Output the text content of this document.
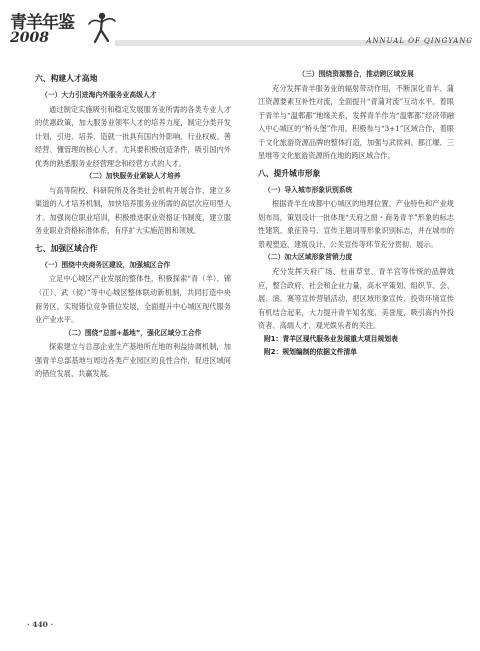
青羊年鉴
2008	ANNUAL OF QINGYANG
六、构建人才高地
（一）大力引进海内外服务业高级人才

通过制定实施吸引和稳定发展服务业所需的各类专业人才的优惠政策，加大服务业领军人才的培养力度，制定分类开发计划，引进、培养、造就一批具有国内外影响、行业权威、善经营、懂管理的核心人才。尤其要积极创造条件，吸引国内外优秀的熟悉服务业经营理念和经营方式的人才。

（二）加快服务业紧缺人才培养

与高等院校、科研院所及各类社会机构开展合作，建立多渠道的人才培养机制，加快培养服务业所需的高层次应用型人才。加强岗位职业培训，积极推进职业资格证书制度，建立服务业职业资格标准体系，有序扩大实施范围和领域。

七、加强区域合作
（一）围绕中央商务区建设，加强城区合作

立足中心城区产业发展的整体性，积极探索“青（羊）、锦（江）、武（侯）”等中心城区整体联动新机制，共同打造中央商务区，实现错位竞争错位发展，全面提升中心城区现代服务业产业水平。

（二）围绕“总部+基地”，强化区域分工合作

探索建立与总部企业生产基地所在地的利益协调机制，加强青羊总部基地与周边各类产业园区的良性合作，促进区域间的错位发展、共赢发展。

（三）围绕资源整合，推动跨区域发展

充分发挥青羊服务业的辐射带动作用，不断深化青羊、蒲江资源要素互补性对流，全面提升“青蒲对流”互动水平。着眼于青羊与“温郫都”地缘关系，发挥青羊作为“温郫都”经济带融入中心城区的“桥头堡”作用，积极参与“3+1”区域合作，着眼于文化旅游资源品牌的整体打造，加强与武侯祠、都江堰、三星堆等文化旅游资源所在地的跨区域合作。

八、提升城市形象
（一）导入城市形象识别系统

根据青羊在成都中心城区的地理位置、产业特色和产业规划布局，策划设计一批体现“天府之窗・商务青羊”形象的标志性建筑、象征符号、宣传主题词等形象识别标志，并在城市的景观塑造、建筑设计、公关宣传等环节充分贯彻、展示。

（二）加大区域形象营销力度

充分发挥天府广场、杜甫草堂、青羊宫等传统的品牌效应，整合政府、社会和企业力量，高水平策划、组织节、会、展、演、赛等宣传营销活动，把区域形象宣传、投资环境宣传有机结合起来，大力提升青羊知名度、美誉度，吸引海内外投资者、高端人才、观光娱乐者的关注。

附1：青羊区现代服务业发展重大项目规划表
附2：规划编制的依据文件清单
· 440 ·
